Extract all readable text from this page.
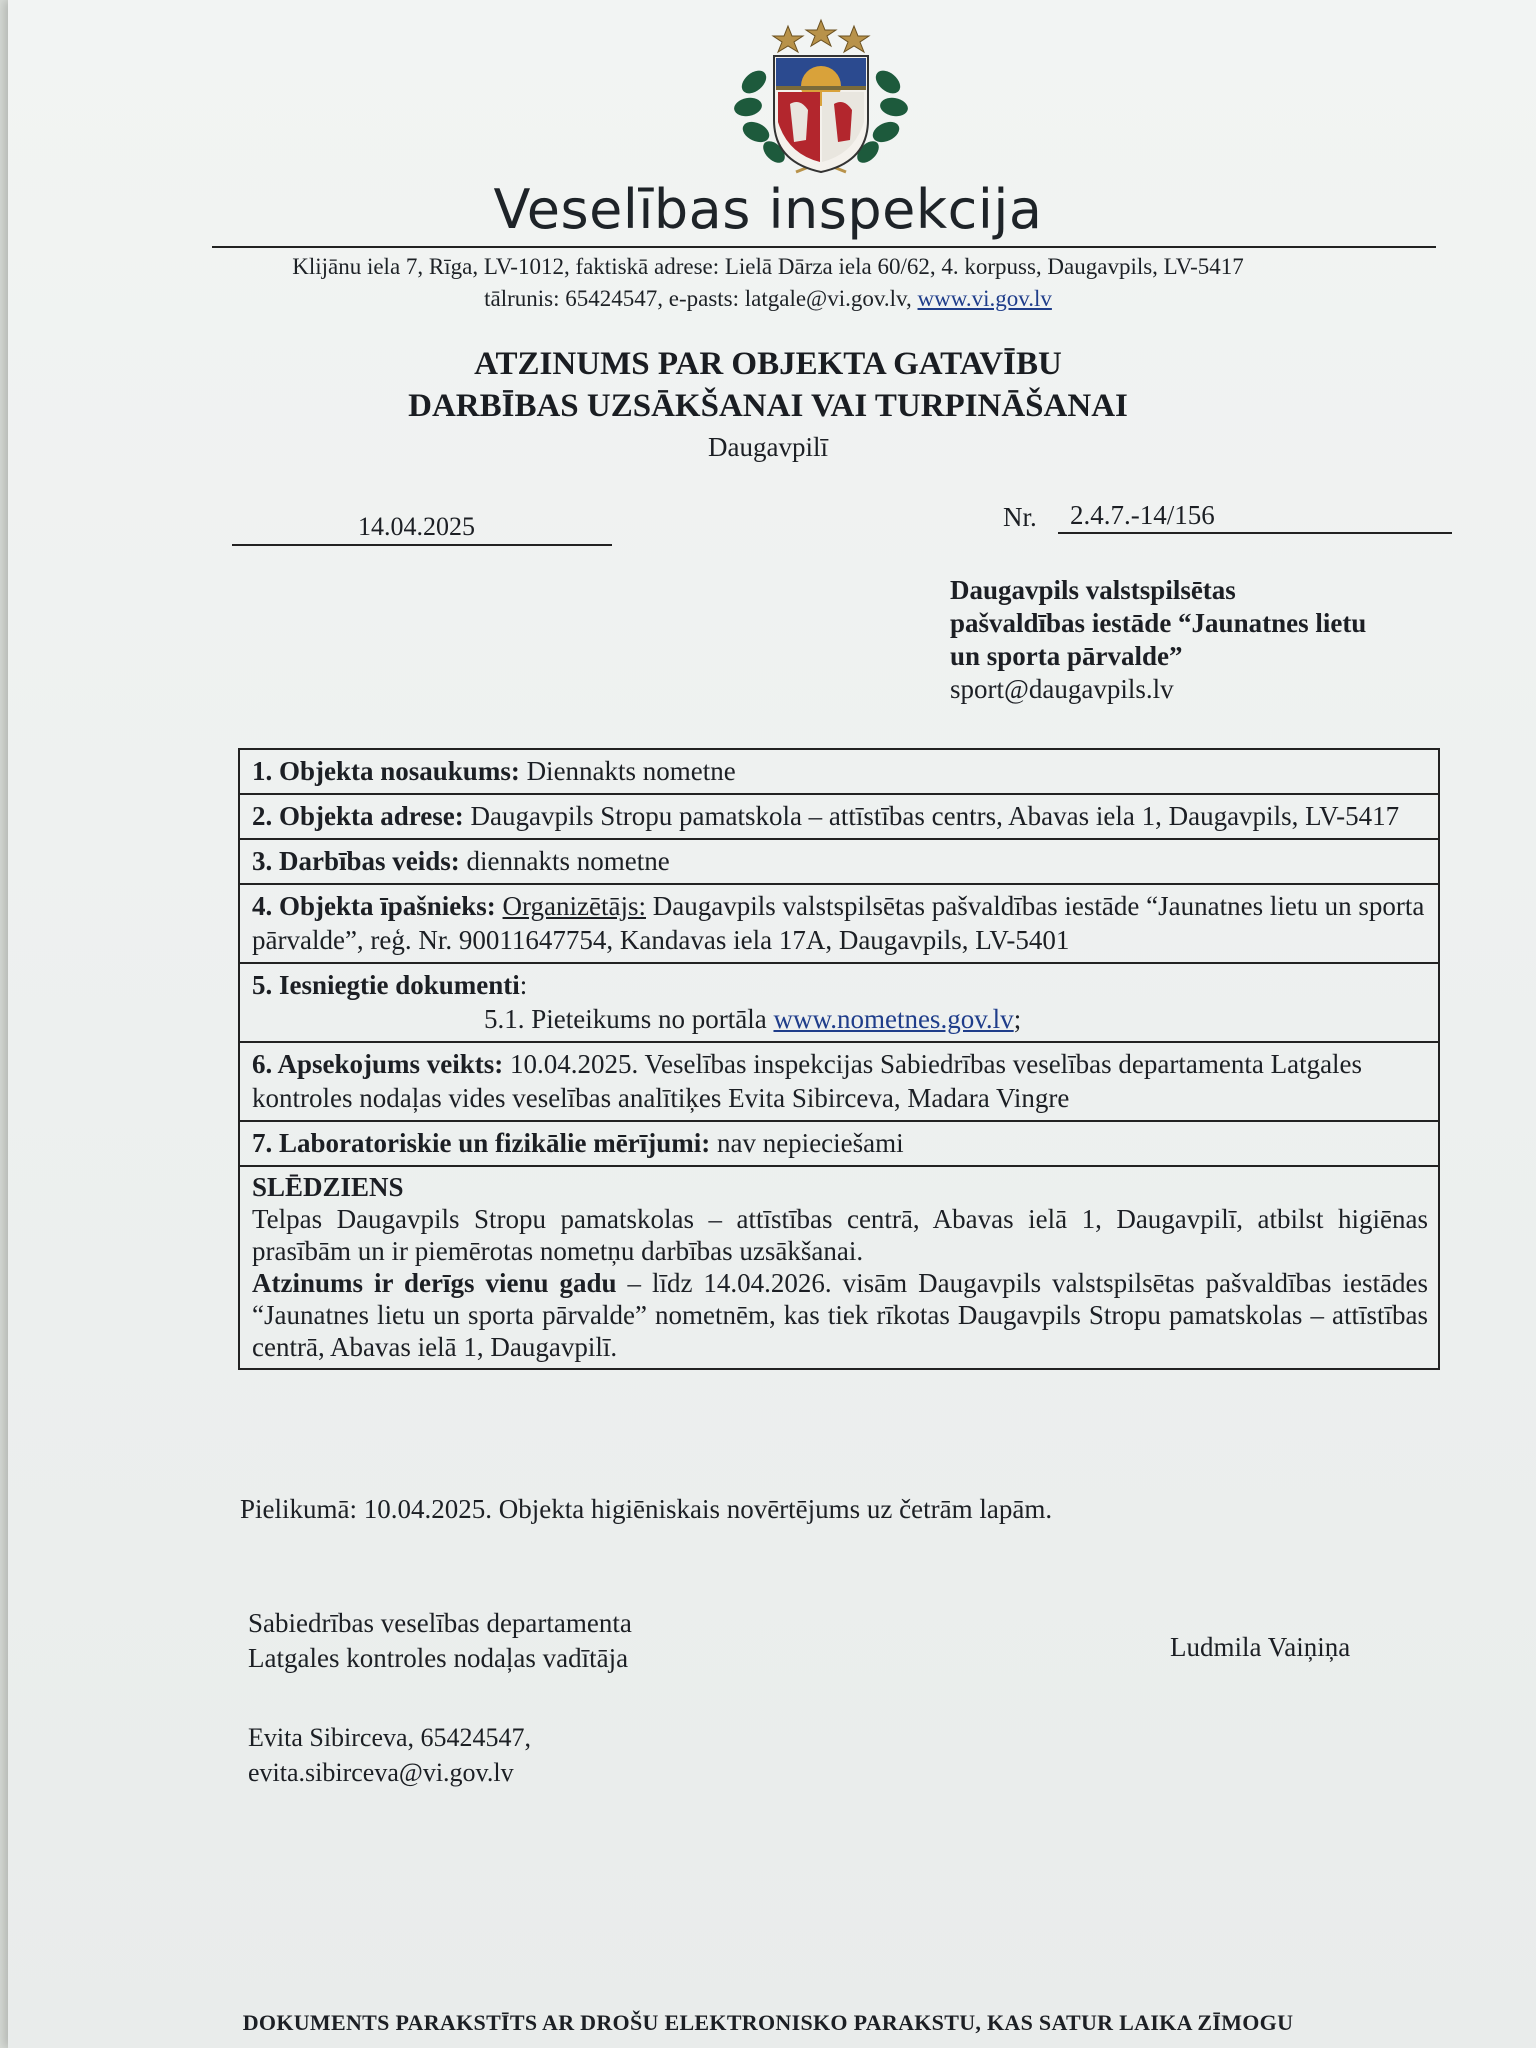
Veselības inspekcija
Klijānu iela 7, Rīga, LV-1012, faktiskā adrese: Lielā Dārza iela 60/62, 4. korpuss, Daugavpils, LV-5417
tālrunis: 65424547, e-pasts: latgale@vi.gov.lv, www.vi.gov.lv
ATZINUMS PAR OBJEKTA GATAVĪBU
DARBĪBAS UZSĀKŠANAI VAI TURPINĀŠANAI
Daugavpilī
14.04.2025	Nr. 2.4.7.-14/156
Daugavpils valstspilsētas
pašvaldības iestāde “Jaunatnes lietu
un sporta pārvalde”
sport@daugavpils.lv
1. Objekta nosaukums: Diennakts nometne
2. Objekta adrese: Daugavpils Stropu pamatskola – attīstības centrs, Abavas iela 1, Daugavpils, LV-5417
3. Darbības veids: diennakts nometne
4. Objekta īpašnieks: Organizētājs: Daugavpils valstspilsētas pašvaldības iestāde “Jaunatnes lietu un sporta pārvalde”, reģ. Nr. 90011647754, Kandavas iela 17A, Daugavpils, LV-5401

5. Iesniegtie dokumenti:
5.1. Pieteikums no portāla www.nometnes.gov.lv;

6. Apsekojums veikts: 10.04.2025. Veselības inspekcijas Sabiedrības veselības departamenta Latgales kontroles nodaļas vides veselības analītiķes Evita Sibirceva, Madara Vingre
7. Laboratoriskie un fizikālie mērījumi: nav nepieciešami

SLĒDZIENS
Telpas Daugavpils Stropu pamatskolas – attīstības centrā, Abavas ielā 1, Daugavpilī, atbilst higiēnas prasībām un ir piemērotas nometņu darbības uzsākšanai.
Atzinums ir derīgs vienu gadu – līdz 14.04.2026. visām Daugavpils valstspilsētas pašvaldības iestādes “Jaunatnes lietu un sporta pārvalde” nometnēm, kas tiek rīkotas Daugavpils Stropu pamatskolas – attīstības centrā, Abavas ielā 1, Daugavpilī.
Pielikumā: 10.04.2025. Objekta higiēniskais novērtējums uz četrām lapām.
Sabiedrības veselības departamenta
Latgales kontroles nodaļas vadītāja	Ludmila Vaiņiņa
Evita Sibirceva, 65424547,
evita.sibirceva@vi.gov.lv
DOKUMENTS PARAKSTĪTS AR DROŠU ELEKTRONISKO PARAKSTU, KAS SATUR LAIKA ZĪMOGU
